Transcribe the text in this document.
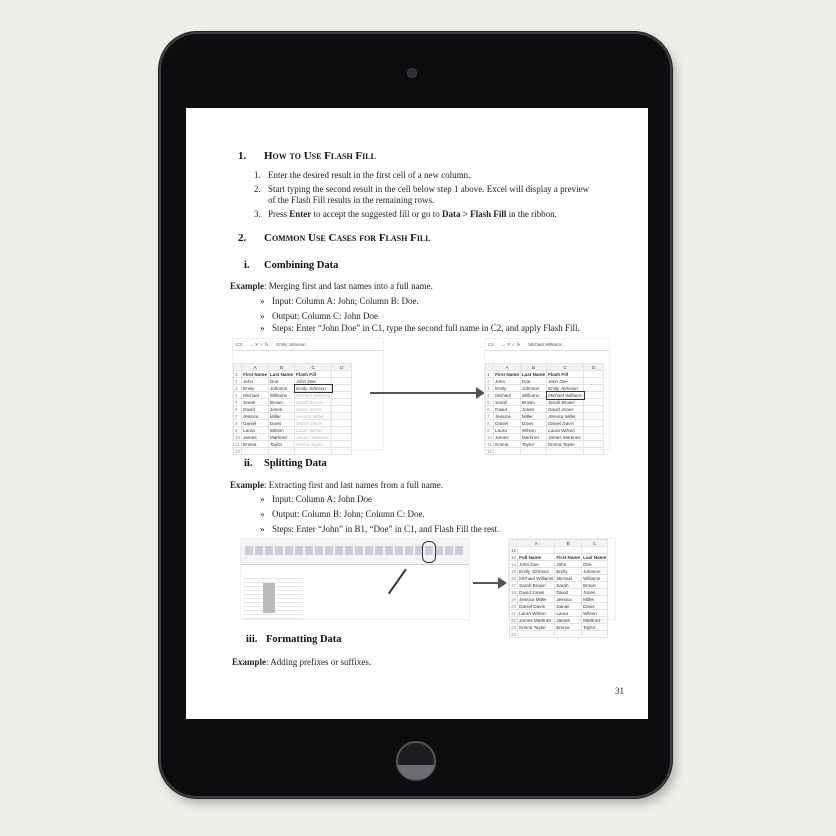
1. How to Use Flash Fill
1. Enter the desired result in the first cell of a new column.
2. Start typing the second result in the cell below step 1 above. Excel will display a preview
of the Flash Fill results in the remaining rows.
3. Press Enter to accept the suggested fill or go to Data > Flash Fill in the ribbon.
2. Common Use Cases for Flash Fill
i. Combining Data
Example: Merging first and last names into a full name.
» Input: Column A: John; Column B: Doe.
» Output: Column C: John Doe
» Steps: Enter “John Doe” in C1, type the second full name in C2, and apply Flash Fill.
C3 ⌄ ✕ ✓ fx Emily Johnson
	A	B	C	D
1	First Name	Last Name	Flash Fill	
2	John	Doe	John Doe	
3	Emily	Johnson	Emily Johnson	
4	Michael	Williams	Michael Williams	
5	Sarah	Brown	Sarah Brown	
6	David	Jones	David Jones	
7	Jessica	Miller	Jessica Miller	
8	Daniel	Davis	Daniel Davis	
9	Laura	Wilson	Laura Wilson	
10	James	Martinez	James Martinez	
11	Emma	Taylor	Emma Taylor	
12				
C4 ⌄ ✕ ✓ fx Michael Williams
	A	B	C	D
1	First Name	Last Name	Flash Fill	
2	John	Doe	John Doe	
3	Emily	Johnson	Emily Johnson	
4	Michael	Williams	Michael Williams	
5	Sarah	Brown	Sarah Brown	
6	David	Jones	David Jones	
7	Jessica	Miller	Jessica Miller	
8	Daniel	Davis	Daniel Davis	
9	Laura	Wilson	Laura Wilson	
10	James	Martinez	James Martinez	
11	Emma	Taylor	Emma Taylor	
12				
ii. Splitting Data
Example: Extracting first and last names from a full name.
» Input: Column A: John Doe
» Output: Column B: John; Column C: Doe.
» Steps: Enter “John” in B1, “Doe” in C1, and Flash Fill the rest.
	A	B	C
12			
13	Full Name	First Name	Last Name
14	John Doe	John	Doe
15	Emily Johnson	Emily	Johnson
16	Michael Williams	Michael	Williams
17	Sarah Brown	Sarah	Brown
18	David Jones	David	Jones
19	Jessica Miller	Jessica	Miller
20	Daniel Davis	Daniel	Davis
21	Laura Wilson	Laura	Wilson
22	James Martinez	James	Martinez
23	Emma Taylor	Emma	Taylor
24			
iii. Formatting Data
Example: Adding prefixes or suffixes.
31
